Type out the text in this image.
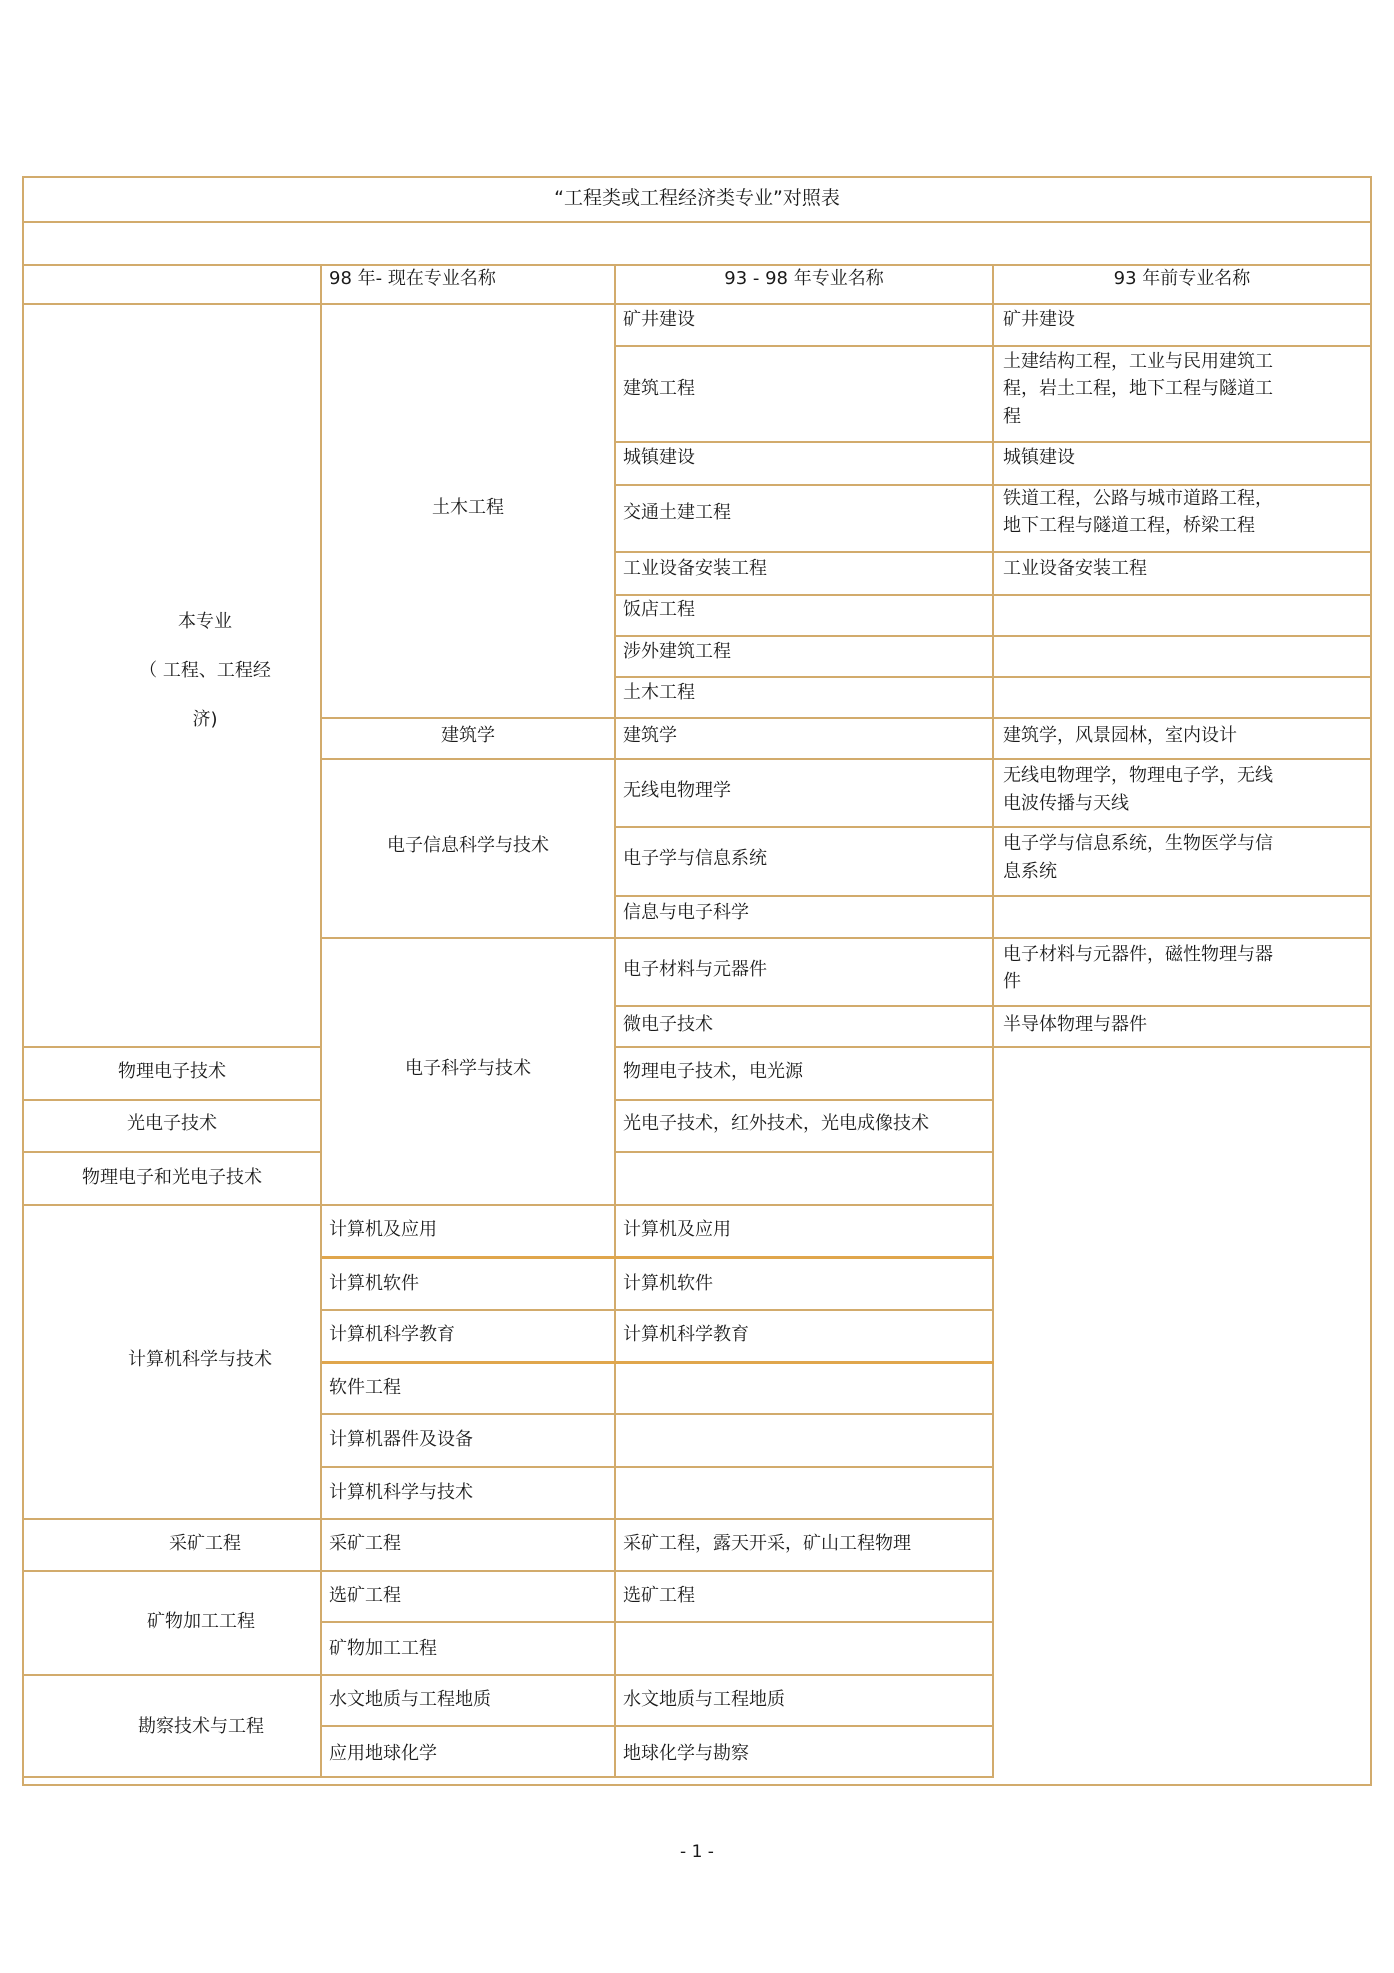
“工程类或工程经济类专业”对照表
98 年- 现在专业名称	93 - 98 年专业名称	93 年前专业名称
本专业
（ 工程、工程经
济)
物理电子技术
光电子技术
物理电子和光电子技术
计算机科学与技术
采矿工程
矿物加工工程
勘察技术与工程
土木工程
建筑学
电子信息科学与技术
电子科学与技术
计算机及应用
计算机软件
计算机科学教育
软件工程
计算机器件及设备
计算机科学与技术
采矿工程
选矿工程
矿物加工工程
水文地质与工程地质
应用地球化学
矿井建设
建筑工程
城镇建设
交通土建工程
工业设备安装工程
饭店工程
涉外建筑工程
土木工程
建筑学
无线电物理学
电子学与信息系统
信息与电子科学
电子材料与元器件
微电子技术
物理电子技术，电光源
光电子技术，红外技术，光电成像技术
计算机及应用
计算机软件
计算机科学教育
采矿工程，露天开采，矿山工程物理
选矿工程
水文地质与工程地质
地球化学与勘察
矿井建设
土建结构工程，工业与民用建筑工
程，岩土工程，地下工程与隧道工
程
城镇建设
铁道工程，公路与城市道路工程，
地下工程与隧道工程，桥梁工程
工业设备安装工程
建筑学，风景园林，室内设计
无线电物理学，物理电子学，无线
电波传播与天线
电子学与信息系统，生物医学与信
息系统
电子材料与元器件，磁性物理与器
件
半导体物理与器件
- 1 -
